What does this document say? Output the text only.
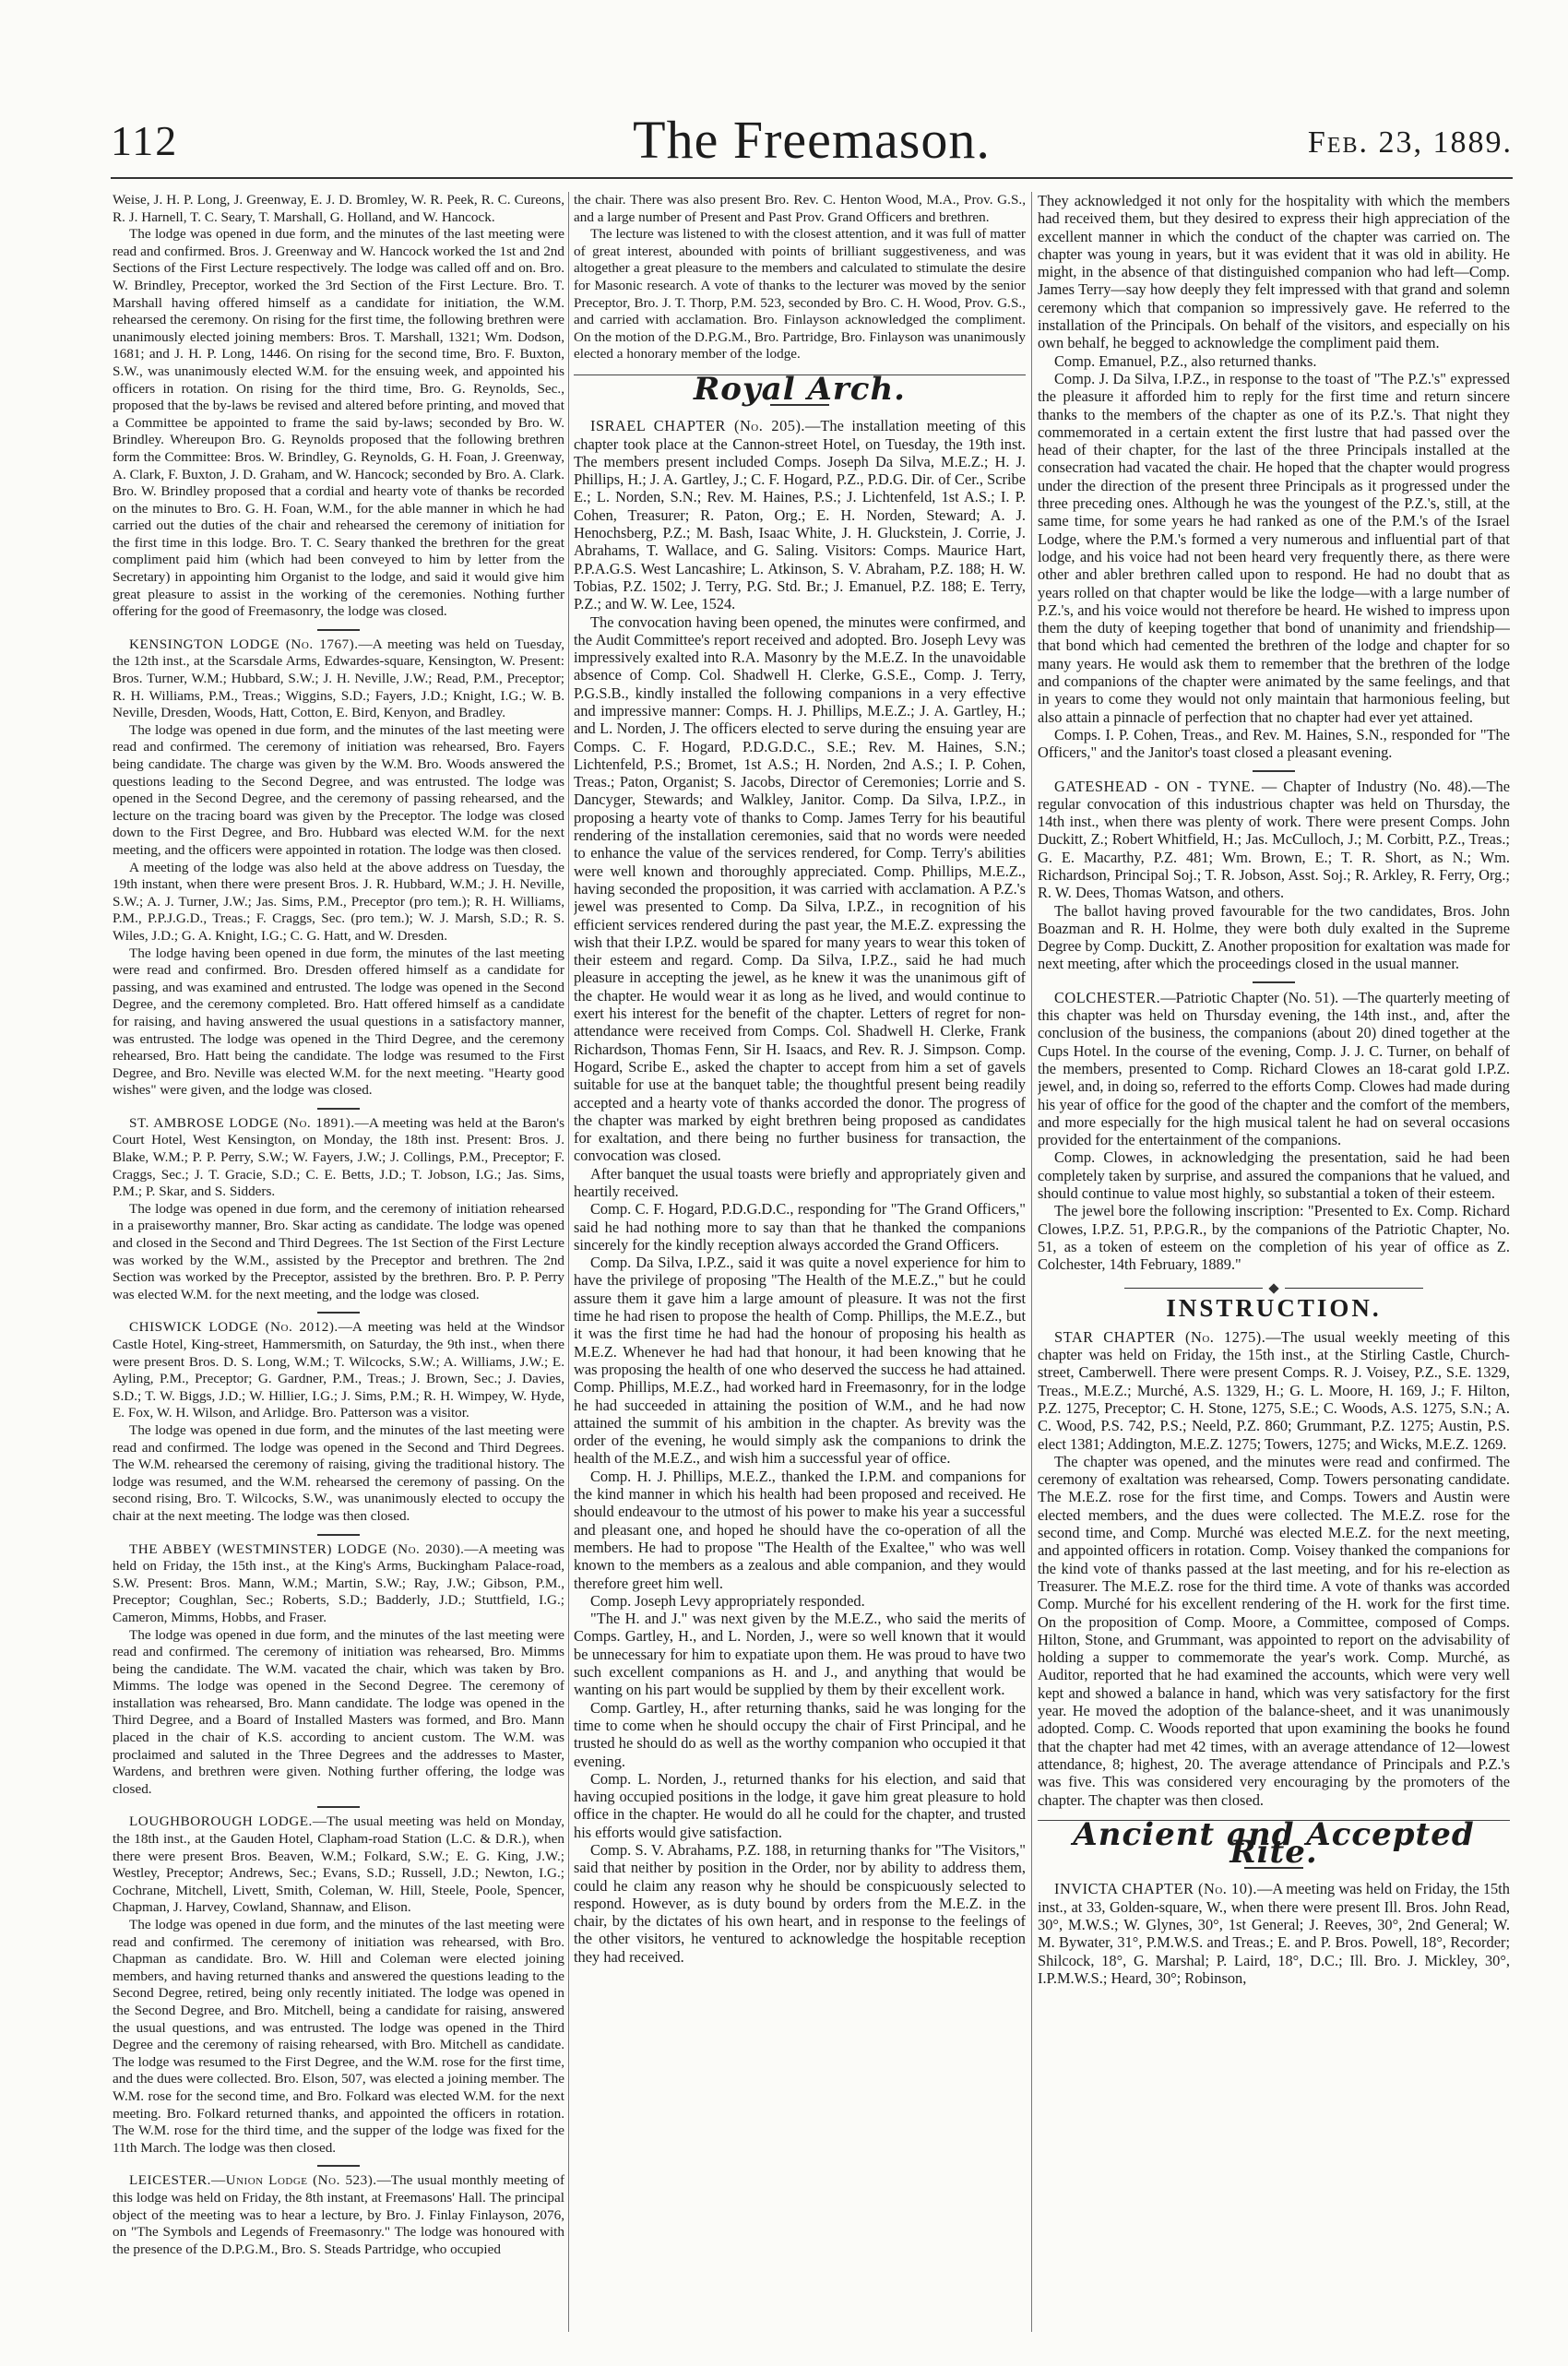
112	The Freemason.	Feb. 23, 1889.

Weise, J. H. P. Long, J. Greenway, E. J. D. Bromley, W. R. Peek, R. C. Cureons, R. J. Harnell, T. C. Seary, T. Marshall, G. Holland, and W. Hancock.

The lodge was opened in due form, and the minutes of the last meeting were read and confirmed. Bros. J. Greenway and W. Hancock worked the 1st and 2nd Sections of the First Lecture respectively. The lodge was called off and on. Bro. W. Brindley, Preceptor, worked the 3rd Section of the First Lecture. Bro. T. Marshall having offered himself as a candidate for initiation, the W.M. rehearsed the ceremony. On rising for the first time, the following brethren were unanimously elected joining members: Bros. T. Marshall, 1321; Wm. Dodson, 1681; and J. H. P. Long, 1446. On rising for the second time, Bro. F. Buxton, S.W., was unanimously elected W.M. for the ensuing week, and appointed his officers in rotation. On rising for the third time, Bro. G. Reynolds, Sec., proposed that the by-laws be revised and altered before printing, and moved that a Committee be appointed to frame the said by-laws; seconded by Bro. W. Brindley. Whereupon Bro. G. Reynolds proposed that the following brethren form the Committee: Bros. W. Brindley, G. Reynolds, G. H. Foan, J. Greenway, A. Clark, F. Buxton, J. D. Graham, and W. Hancock; seconded by Bro. A. Clark. Bro. W. Brindley proposed that a cordial and hearty vote of thanks be recorded on the minutes to Bro. G. H. Foan, W.M., for the able manner in which he had carried out the duties of the chair and rehearsed the ceremony of initiation for the first time in this lodge. Bro. T. C. Seary thanked the brethren for the great compliment paid him (which had been conveyed to him by letter from the Secretary) in appointing him Organist to the lodge, and said it would give him great pleasure to assist in the working of the ceremonies. Nothing further offering for the good of Freemasonry, the lodge was closed.

KENSINGTON LODGE (No. 1767).—A meeting was held on Tuesday, the 12th inst., at the Scarsdale Arms, Edwardes-square, Kensington, W. Present: Bros. Turner, W.M.; Hubbard, S.W.; J. H. Neville, J.W.; Read, P.M., Preceptor; R. H. Williams, P.M., Treas.; Wiggins, S.D.; Fayers, J.D.; Knight, I.G.; W. B. Neville, Dresden, Woods, Hatt, Cotton, E. Bird, Kenyon, and Bradley.

The lodge was opened in due form, and the minutes of the last meeting were read and confirmed. The ceremony of initiation was rehearsed, Bro. Fayers being candidate. The charge was given by the W.M. Bro. Woods answered the questions leading to the Second Degree, and was entrusted. The lodge was opened in the Second Degree, and the ceremony of passing rehearsed, and the lecture on the tracing board was given by the Preceptor. The lodge was closed down to the First Degree, and Bro. Hubbard was elected W.M. for the next meeting, and the officers were appointed in rotation. The lodge was then closed.

A meeting of the lodge was also held at the above address on Tuesday, the 19th instant, when there were present Bros. J. R. Hubbard, W.M.; J. H. Neville, S.W.; A. J. Turner, J.W.; Jas. Sims, P.M., Preceptor (pro tem.); R. H. Williams, P.M., P.P.J.G.D., Treas.; F. Craggs, Sec. (pro tem.); W. J. Marsh, S.D.; R. S. Wiles, J.D.; G. A. Knight, I.G.; C. G. Hatt, and W. Dresden.

The lodge having been opened in due form, the minutes of the last meeting were read and confirmed. Bro. Dresden offered himself as a candidate for passing, and was examined and entrusted. The lodge was opened in the Second Degree, and the ceremony completed. Bro. Hatt offered himself as a candidate for raising, and having answered the usual questions in a satisfactory manner, was entrusted. The lodge was opened in the Third Degree, and the ceremony rehearsed, Bro. Hatt being the candidate. The lodge was resumed to the First Degree, and Bro. Neville was elected W.M. for the next meeting. "Hearty good wishes" were given, and the lodge was closed.

ST. AMBROSE LODGE (No. 1891).—A meeting was held at the Baron's Court Hotel, West Kensington, on Monday, the 18th inst. Present: Bros. J. Blake, W.M.; P. P. Perry, S.W.; W. Fayers, J.W.; J. Collings, P.M., Preceptor; F. Craggs, Sec.; J. T. Gracie, S.D.; C. E. Betts, J.D.; T. Jobson, I.G.; Jas. Sims, P.M.; P. Skar, and S. Sidders.

The lodge was opened in due form, and the ceremony of initiation rehearsed in a praiseworthy manner, Bro. Skar acting as candidate. The lodge was opened and closed in the Second and Third Degrees. The 1st Section of the First Lecture was worked by the W.M., assisted by the Preceptor and brethren. The 2nd Section was worked by the Preceptor, assisted by the brethren. Bro. P. P. Perry was elected W.M. for the next meeting, and the lodge was closed.

CHISWICK LODGE (No. 2012).—A meeting was held at the Windsor Castle Hotel, King-street, Hammersmith, on Saturday, the 9th inst., when there were present Bros. D. S. Long, W.M.; T. Wilcocks, S.W.; A. Williams, J.W.; E. Ayling, P.M., Preceptor; G. Gardner, P.M., Treas.; J. Brown, Sec.; J. Davies, S.D.; T. W. Biggs, J.D.; W. Hillier, I.G.; J. Sims, P.M.; R. H. Wimpey, W. Hyde, E. Fox, W. H. Wilson, and Arlidge. Bro. Patterson was a visitor.

The lodge was opened in due form, and the minutes of the last meeting were read and confirmed. The lodge was opened in the Second and Third Degrees. The W.M. rehearsed the ceremony of raising, giving the traditional history. The lodge was resumed, and the W.M. rehearsed the ceremony of passing. On the second rising, Bro. T. Wilcocks, S.W., was unanimously elected to occupy the chair at the next meeting. The lodge was then closed.

THE ABBEY (WESTMINSTER) LODGE (No. 2030).—A meeting was held on Friday, the 15th inst., at the King's Arms, Buckingham Palace-road, S.W. Present: Bros. Mann, W.M.; Martin, S.W.; Ray, J.W.; Gibson, P.M., Preceptor; Coughlan, Sec.; Roberts, S.D.; Badderly, J.D.; Stuttfield, I.G.; Cameron, Mimms, Hobbs, and Fraser.

The lodge was opened in due form, and the minutes of the last meeting were read and confirmed. The ceremony of initiation was rehearsed, Bro. Mimms being the candidate. The W.M. vacated the chair, which was taken by Bro. Mimms. The lodge was opened in the Second Degree. The ceremony of installation was rehearsed, Bro. Mann candidate. The lodge was opened in the Third Degree, and a Board of Installed Masters was formed, and Bro. Mann placed in the chair of K.S. according to ancient custom. The W.M. was proclaimed and saluted in the Three Degrees and the addresses to Master, Wardens, and brethren were given. Nothing further offering, the lodge was closed.

LOUGHBOROUGH LODGE.—The usual meeting was held on Monday, the 18th inst., at the Gauden Hotel, Clapham-road Station (L.C. & D.R.), when there were present Bros. Beaven, W.M.; Folkard, S.W.; E. G. King, J.W.; Westley, Preceptor; Andrews, Sec.; Evans, S.D.; Russell, J.D.; Newton, I.G.; Cochrane, Mitchell, Livett, Smith, Coleman, W. Hill, Steele, Poole, Spencer, Chapman, J. Harvey, Cowland, Shannaw, and Elison.

The lodge was opened in due form, and the minutes of the last meeting were read and confirmed. The ceremony of initiation was rehearsed, with Bro. Chapman as candidate. Bro. W. Hill and Coleman were elected joining members, and having returned thanks and answered the questions leading to the Second Degree, retired, being only recently initiated. The lodge was opened in the Second Degree, and Bro. Mitchell, being a candidate for raising, answered the usual questions, and was entrusted. The lodge was opened in the Third Degree and the ceremony of raising rehearsed, with Bro. Mitchell as candidate. The lodge was resumed to the First Degree, and the W.M. rose for the first time, and the dues were collected. Bro. Elson, 507, was elected a joining member. The W.M. rose for the second time, and Bro. Folkard was elected W.M. for the next meeting. Bro. Folkard returned thanks, and appointed the officers in rotation. The W.M. rose for the third time, and the supper of the lodge was fixed for the 11th March. The lodge was then closed.

LEICESTER.—Union Lodge (No. 523).—The usual monthly meeting of this lodge was held on Friday, the 8th instant, at Freemasons' Hall. The principal object of the meeting was to hear a lecture, by Bro. J. Finlay Finlayson, 2076, on "The Symbols and Legends of Freemasonry." The lodge was honoured with the presence of the D.P.G.M., Bro. S. Steads Partridge, who occupied

the chair. There was also present Bro. Rev. C. Henton Wood, M.A., Prov. G.S., and a large number of Present and Past Prov. Grand Officers and brethren.

The lecture was listened to with the closest attention, and it was full of matter of great interest, abounded with points of brilliant suggestiveness, and was altogether a great pleasure to the members and calculated to stimulate the desire for Masonic research. A vote of thanks to the lecturer was moved by the senior Preceptor, Bro. J. T. Thorp, P.M. 523, seconded by Bro. C. H. Wood, Prov. G.S., and carried with acclamation. Bro. Finlayson acknowledged the compliment. On the motion of the D.P.G.M., Bro. Partridge, Bro. Finlayson was unanimously elected a honorary member of the lodge.

Royal Arch.

ISRAEL CHAPTER (No. 205).—The installation meeting of this chapter took place at the Cannon-street Hotel, on Tuesday, the 19th inst. The members present included Comps. Joseph Da Silva, M.E.Z.; H. J. Phillips, H.; J. A. Gartley, J.; C. F. Hogard, P.Z., P.D.G. Dir. of Cer., Scribe E.; L. Norden, S.N.; Rev. M. Haines, P.S.; J. Lichtenfeld, 1st A.S.; I. P. Cohen, Treasurer; R. Paton, Org.; E. H. Norden, Steward; A. J. Henochsberg, P.Z.; M. Bash, Isaac White, J. H. Gluckstein, J. Corrie, J. Abrahams, T. Wallace, and G. Saling. Visitors: Comps. Maurice Hart, P.P.A.G.S. West Lancashire; L. Atkinson, S. V. Abraham, P.Z. 188; H. W. Tobias, P.Z. 1502; J. Terry, P.G. Std. Br.; J. Emanuel, P.Z. 188; E. Terry, P.Z.; and W. W. Lee, 1524.

The convocation having been opened, the minutes were confirmed, and the Audit Committee's report received and adopted. Bro. Joseph Levy was impressively exalted into R.A. Masonry by the M.E.Z. In the unavoidable absence of Comp. Col. Shadwell H. Clerke, G.S.E., Comp. J. Terry, P.G.S.B., kindly installed the following companions in a very effective and impressive manner: Comps. H. J. Phillips, M.E.Z.; J. A. Gartley, H.; and L. Norden, J. The officers elected to serve during the ensuing year are Comps. C. F. Hogard, P.D.G.D.C., S.E.; Rev. M. Haines, S.N.; Lichtenfeld, P.S.; Bromet, 1st A.S.; H. Norden, 2nd A.S.; I. P. Cohen, Treas.; Paton, Organist; S. Jacobs, Director of Ceremonies; Lorrie and S. Dancyger, Stewards; and Walkley, Janitor. Comp. Da Silva, I.P.Z., in proposing a hearty vote of thanks to Comp. James Terry for his beautiful rendering of the installation ceremonies, said that no words were needed to enhance the value of the services rendered, for Comp. Terry's abilities were well known and thoroughly appreciated. Comp. Phillips, M.E.Z., having seconded the proposition, it was carried with acclamation. A P.Z.'s jewel was presented to Comp. Da Silva, I.P.Z., in recognition of his efficient services rendered during the past year, the M.E.Z. expressing the wish that their I.P.Z. would be spared for many years to wear this token of their esteem and regard. Comp. Da Silva, I.P.Z., said he had much pleasure in accepting the jewel, as he knew it was the unanimous gift of the chapter. He would wear it as long as he lived, and would continue to exert his interest for the benefit of the chapter. Letters of regret for non-attendance were received from Comps. Col. Shadwell H. Clerke, Frank Richardson, Thomas Fenn, Sir H. Isaacs, and Rev. R. J. Simpson. Comp. Hogard, Scribe E., asked the chapter to accept from him a set of gavels suitable for use at the banquet table; the thoughtful present being readily accepted and a hearty vote of thanks accorded the donor. The progress of the chapter was marked by eight brethren being proposed as candidates for exaltation, and there being no further business for transaction, the convocation was closed.

After banquet the usual toasts were briefly and appropriately given and heartily received.

Comp. C. F. Hogard, P.D.G.D.C., responding for "The Grand Officers," said he had nothing more to say than that he thanked the companions sincerely for the kindly reception always accorded the Grand Officers.

Comp. Da Silva, I.P.Z., said it was quite a novel experience for him to have the privilege of proposing "The Health of the M.E.Z.," but he could assure them it gave him a large amount of pleasure. It was not the first time he had risen to propose the health of Comp. Phillips, the M.E.Z., but it was the first time he had had the honour of proposing his health as M.E.Z. Whenever he had had that honour, it had been knowing that he was proposing the health of one who deserved the success he had attained. Comp. Phillips, M.E.Z., had worked hard in Freemasonry, for in the lodge he had succeeded in attaining the position of W.M., and he had now attained the summit of his ambition in the chapter. As brevity was the order of the evening, he would simply ask the companions to drink the health of the M.E.Z., and wish him a successful year of office.

Comp. H. J. Phillips, M.E.Z., thanked the I.P.M. and companions for the kind manner in which his health had been proposed and received. He should endeavour to the utmost of his power to make his year a successful and pleasant one, and hoped he should have the co-operation of all the members. He had to propose "The Health of the Exaltee," who was well known to the members as a zealous and able companion, and they would therefore greet him well.

Comp. Joseph Levy appropriately responded.

"The H. and J." was next given by the M.E.Z., who said the merits of Comps. Gartley, H., and L. Norden, J., were so well known that it would be unnecessary for him to expatiate upon them. He was proud to have two such excellent companions as H. and J., and anything that would be wanting on his part would be supplied by them by their excellent work.

Comp. Gartley, H., after returning thanks, said he was longing for the time to come when he should occupy the chair of First Principal, and he trusted he should do as well as the worthy companion who occupied it that evening.

Comp. L. Norden, J., returned thanks for his election, and said that having occupied positions in the lodge, it gave him great pleasure to hold office in the chapter. He would do all he could for the chapter, and trusted his efforts would give satisfaction.

Comp. S. V. Abrahams, P.Z. 188, in returning thanks for "The Visitors," said that neither by position in the Order, nor by ability to address them, could he claim any reason why he should be conspicuously selected to respond. However, as is duty bound by orders from the M.E.Z. in the chair, by the dictates of his own heart, and in response to the feelings of the other visitors, he ventured to acknowledge the hospitable reception they had received.

They acknowledged it not only for the hospitality with which the members had received them, but they desired to express their high appreciation of the excellent manner in which the conduct of the chapter was carried on. The chapter was young in years, but it was evident that it was old in ability. He might, in the absence of that distinguished companion who had left—Comp. James Terry—say how deeply they felt impressed with that grand and solemn ceremony which that companion so impressively gave. He referred to the installation of the Principals. On behalf of the visitors, and especially on his own behalf, he begged to acknowledge the compliment paid them.

Comp. Emanuel, P.Z., also returned thanks.

Comp. J. Da Silva, I.P.Z., in response to the toast of "The P.Z.'s" expressed the pleasure it afforded him to reply for the first time and return sincere thanks to the members of the chapter as one of its P.Z.'s. That night they commemorated in a certain extent the first lustre that had passed over the head of their chapter, for the last of the three Principals installed at the consecration had vacated the chair. He hoped that the chapter would progress under the direction of the present three Principals as it progressed under the three preceding ones. Although he was the youngest of the P.Z.'s, still, at the same time, for some years he had ranked as one of the P.M.'s of the Israel Lodge, where the P.M.'s formed a very numerous and influential part of that lodge, and his voice had not been heard very frequently there, as there were other and abler brethren called upon to respond. He had no doubt that as years rolled on that chapter would be like the lodge—with a large number of P.Z.'s, and his voice would not therefore be heard. He wished to impress upon them the duty of keeping together that bond of unanimity and friendship—that bond which had cemented the brethren of the lodge and chapter for so many years. He would ask them to remember that the brethren of the lodge and companions of the chapter were animated by the same feelings, and that in years to come they would not only maintain that harmonious feeling, but also attain a pinnacle of perfection that no chapter had ever yet attained.

Comps. I. P. Cohen, Treas., and Rev. M. Haines, S.N., responded for "The Officers," and the Janitor's toast closed a pleasant evening.

GATESHEAD - ON - TYNE. — Chapter of Industry (No. 48).—The regular convocation of this industrious chapter was held on Thursday, the 14th inst., when there was plenty of work. There were present Comps. John Duckitt, Z.; Robert Whitfield, H.; Jas. McCulloch, J.; M. Corbitt, P.Z., Treas.; G. E. Macarthy, P.Z. 481; Wm. Brown, E.; T. R. Short, as N.; Wm. Richardson, Principal Soj.; T. R. Jobson, Asst. Soj.; R. Arkley, R. Ferry, Org.; R. W. Dees, Thomas Watson, and others.

The ballot having proved favourable for the two candidates, Bros. John Boazman and R. H. Holme, they were both duly exalted in the Supreme Degree by Comp. Duckitt, Z. Another proposition for exaltation was made for next meeting, after which the proceedings closed in the usual manner.

COLCHESTER.—Patriotic Chapter (No. 51). —The quarterly meeting of this chapter was held on Thursday evening, the 14th inst., and, after the conclusion of the business, the companions (about 20) dined together at the Cups Hotel. In the course of the evening, Comp. J. J. C. Turner, on behalf of the members, presented to Comp. Richard Clowes an 18-carat gold I.P.Z. jewel, and, in doing so, referred to the efforts Comp. Clowes had made during his year of office for the good of the chapter and the comfort of the members, and more especially for the high musical talent he had on several occasions provided for the entertainment of the companions.

Comp. Clowes, in acknowledging the presentation, said he had been completely taken by surprise, and assured the companions that he valued, and should continue to value most highly, so substantial a token of their esteem.

The jewel bore the following inscription: "Presented to Ex. Comp. Richard Clowes, I.P.Z. 51, P.P.G.R., by the companions of the Patriotic Chapter, No. 51, as a token of esteem on the completion of his year of office as Z. Colchester, 14th February, 1889."

INSTRUCTION.

STAR CHAPTER (No. 1275).—The usual weekly meeting of this chapter was held on Friday, the 15th inst., at the Stirling Castle, Church-street, Camberwell. There were present Comps. R. J. Voisey, P.Z., S.E. 1329, Treas., M.E.Z.; Murché, A.S. 1329, H.; G. L. Moore, H. 169, J.; F. Hilton, P.Z. 1275, Preceptor; C. H. Stone, 1275, S.E.; C. Woods, A.S. 1275, S.N.; A. C. Wood, P.S. 742, P.S.; Neeld, P.Z. 860; Grummant, P.Z. 1275; Austin, P.S. elect 1381; Addington, M.E.Z. 1275; Towers, 1275; and Wicks, M.E.Z. 1269.

The chapter was opened, and the minutes were read and confirmed. The ceremony of exaltation was rehearsed, Comp. Towers personating candidate. The M.E.Z. rose for the first time, and Comps. Towers and Austin were elected members, and the dues were collected. The M.E.Z. rose for the second time, and Comp. Murché was elected M.E.Z. for the next meeting, and appointed officers in rotation. Comp. Voisey thanked the companions for the kind vote of thanks passed at the last meeting, and for his re-election as Treasurer. The M.E.Z. rose for the third time. A vote of thanks was accorded Comp. Murché for his excellent rendering of the H. work for the first time. On the proposition of Comp. Moore, a Committee, composed of Comps. Hilton, Stone, and Grummant, was appointed to report on the advisability of holding a supper to commemorate the year's work. Comp. Murché, as Auditor, reported that he had examined the accounts, which were very well kept and showed a balance in hand, which was very satisfactory for the first year. He moved the adoption of the balance-sheet, and it was unanimously adopted. Comp. C. Woods reported that upon examining the books he found that the chapter had met 42 times, with an average attendance of 12—lowest attendance, 8; highest, 20. The average attendance of Principals and P.Z.'s was five. This was considered very encouraging by the promoters of the chapter. The chapter was then closed.

Ancient and Accepted Rite.

INVICTA CHAPTER (No. 10).—A meeting was held on Friday, the 15th inst., at 33, Golden-square, W., when there were present Ill. Bros. John Read, 30°, M.W.S.; W. Glynes, 30°, 1st General; J. Reeves, 30°, 2nd General; W. M. Bywater, 31°, P.M.W.S. and Treas.; E. and P. Bros. Powell, 18°, Recorder; Shilcock, 18°, G. Marshal; P. Laird, 18°, D.C.; Ill. Bro. J. Mickley, 30°, I.P.M.W.S.; Heard, 30°; Robinson,
